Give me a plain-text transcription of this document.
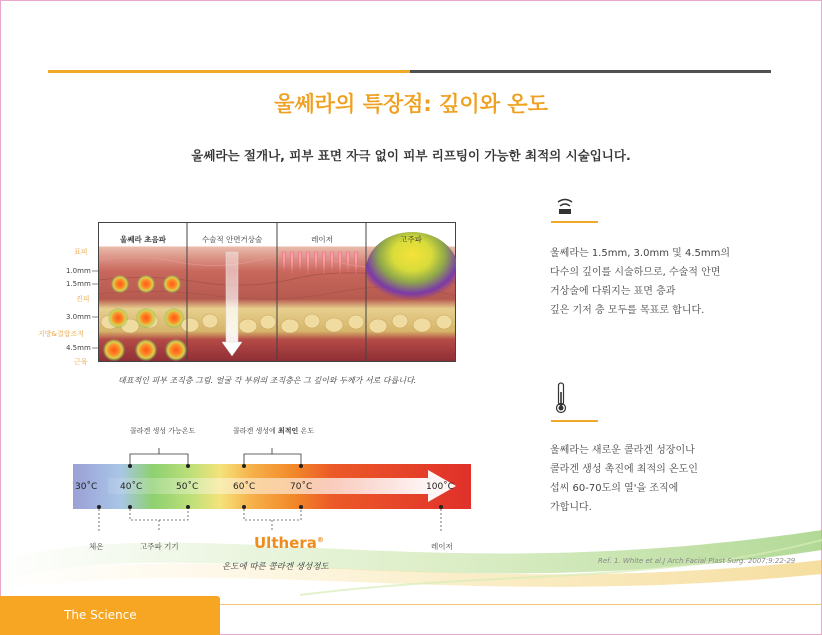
울쎄라의 특장점: 깊이와 온도
울쎄라는 절개나, 피부 표면 자극 없이 피부 리프팅이 가능한 최적의 시술입니다.
표피
1.0mm
1.5mm
진피
3.0mm
지방&결합조직
4.5mm
근육
울쎄라 초음파	수술적 안면거상술	레이저	고주파
대표적인 피부 조직층 그림. 얼굴 각 부위의 조직층은 그 깊이와 두께가 서로 다릅니다.
콜라겐 생성 가능온도	콜라겐 생성에 최적인 온도
30˚C	40˚C	50˚C	60˚C	70˚C	100˚C
체온	고주파 기기	Ulthera®
레이저
온도에 따른 콜라겐 생성정도
울쎄라는 1.5mm, 3.0mm 및 4.5mm의
다수의 깊이를 시술하므로, 수술적 안면
거상술에 다뤄지는 표면 층과
깊은 기저 층 모두를 목표로 합니다.
울쎄라는 새로운 콜라겐 성장이나
콜라겐 생성 촉진에 최적의 온도인
섭씨 60-70도의 열'을 조직에
가합니다.
Ref. 1. White et al.J Arch Facial Plast Surg. 2007;9:22-29
The Science
